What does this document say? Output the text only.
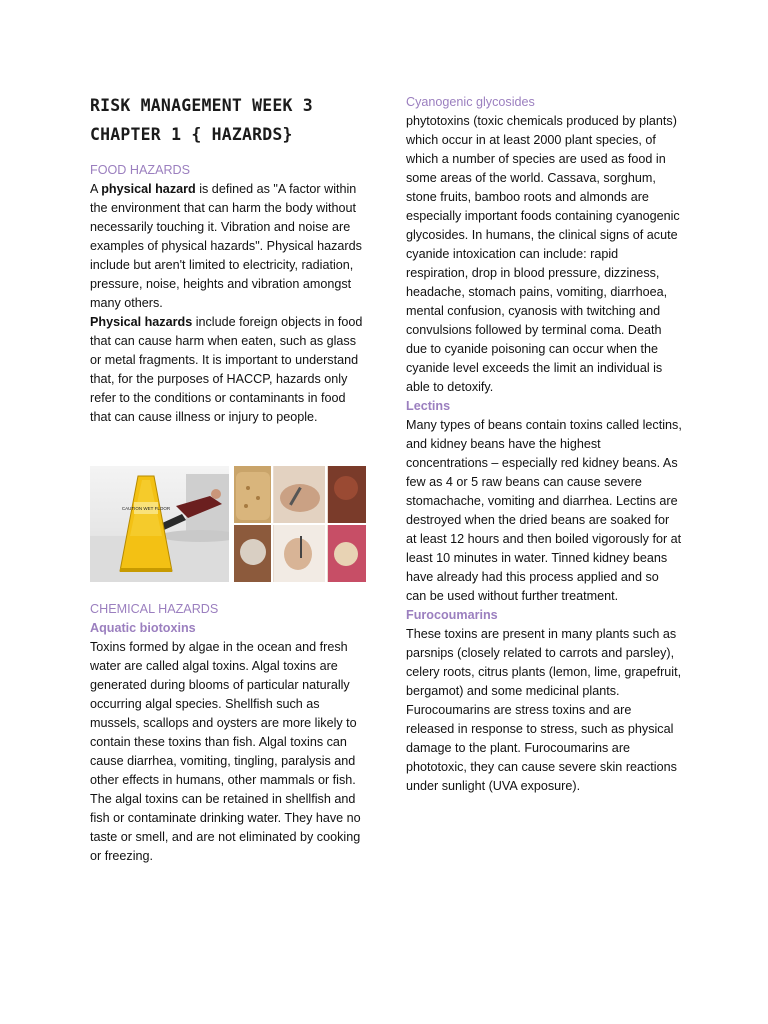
RISK MANAGEMENT WEEK 3
CHAPTER 1 { HAZARDS}

FOOD HAZARDS

A physical hazard is defined as "A factor within the environment that can harm the body without necessarily touching it. Vibration and noise are examples of physical hazards". Physical hazards include but aren't limited to electricity, radiation, pressure, noise, heights and vibration amongst many others.

Physical hazards include foreign objects in food that can cause harm when eaten, such as glass or metal fragments. It is important to understand that, for the purposes of HACCP, hazards only refer to the conditions or contaminants in food that can cause illness or injury to people.

CAUTION WET FLOOR

CHEMICAL HAZARDS

Aquatic biotoxins

Toxins formed by algae in the ocean and fresh water are called algal toxins. Algal toxins are generated during blooms of particular naturally occurring algal species. Shellfish such as mussels, scallops and oysters are more likely to contain these toxins than fish. Algal toxins can cause diarrhea, vomiting, tingling, paralysis and other effects in humans, other mammals or fish. The algal toxins can be retained in shellfish and fish or contaminate drinking water. They have no taste or smell, and are not eliminated by cooking or freezing.

Cyanogenic glycosides

phytotoxins (toxic chemicals produced by plants) which occur in at least 2000 plant species, of which a number of species are used as food in some areas of the world. Cassava, sorghum, stone fruits, bamboo roots and almonds are especially important foods containing cyanogenic glycosides. In humans, the clinical signs of acute cyanide intoxication can include: rapid respiration, drop in blood pressure, dizziness, headache, stomach pains, vomiting, diarrhoea, mental confusion, cyanosis with twitching and convulsions followed by terminal coma. Death due to cyanide poisoning can occur when the cyanide level exceeds the limit an individual is able to detoxify.

Lectins

Many types of beans contain toxins called lectins, and kidney beans have the highest concentrations – especially red kidney beans. As few as 4 or 5 raw beans can cause severe stomachache, vomiting and diarrhea. Lectins are destroyed when the dried beans are soaked for at least 12 hours and then boiled vigorously for at least 10 minutes in water. Tinned kidney beans have already had this process applied and so can be used without further treatment.

Furocoumarins

These toxins are present in many plants such as parsnips (closely related to carrots and parsley), celery roots, citrus plants (lemon, lime, grapefruit, bergamot) and some medicinal plants. Furocoumarins are stress toxins and are released in response to stress, such as physical damage to the plant. Furocoumarins are phototoxic, they can cause severe skin reactions under sunlight (UVA exposure).
